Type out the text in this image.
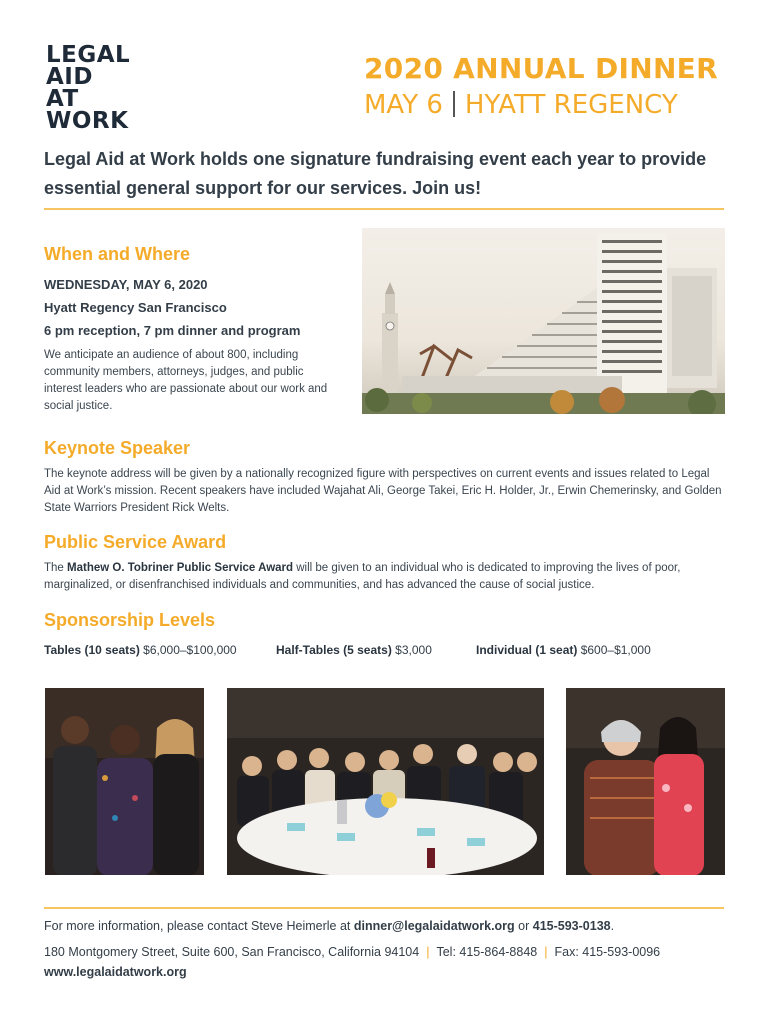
LEGAL
AID AT
WORK
2020 ANNUAL DINNER
MAY 6 HYATT REGENCY
Legal Aid at Work holds one signature fundraising event each year to provide essential general support for our services. Join us!
When and Where
WEDNESDAY, MAY 6, 2020
Hyatt Regency San Francisco
6 pm reception, 7 pm dinner and program
We anticipate an audience of about 800, including community members, attorneys, judges, and public interest leaders who are passionate about our work and social justice.
Keynote Speaker
The keynote address will be given by a nationally recognized figure with perspectives on current events and issues related to Legal Aid at Work’s mission. Recent speakers have included Wajahat Ali, George Takei, Eric H. Holder, Jr., Erwin Chemerinsky, and Golden State Warriors President Rick Welts.
Public Service Award
The Mathew O. Tobriner Public Service Award will be given to an individual who is dedicated to improving the lives of poor, marginalized, or disenfranchised individuals and communities, and has advanced the cause of social justice.
Sponsorship Levels
Tables (10 seats) $6,000–$100,000	Half-Tables (5 seats) $3,000	Individual (1 seat) $600–$1,000
For more information, please contact Steve Heimerle at dinner@legalaidatwork.org or 415-593-0138.
180 Montgomery Street, Suite 600, San Francisco, California 94104 | Tel: 415-864-8848 | Fax: 415-593-0096
www.legalaidatwork.org
